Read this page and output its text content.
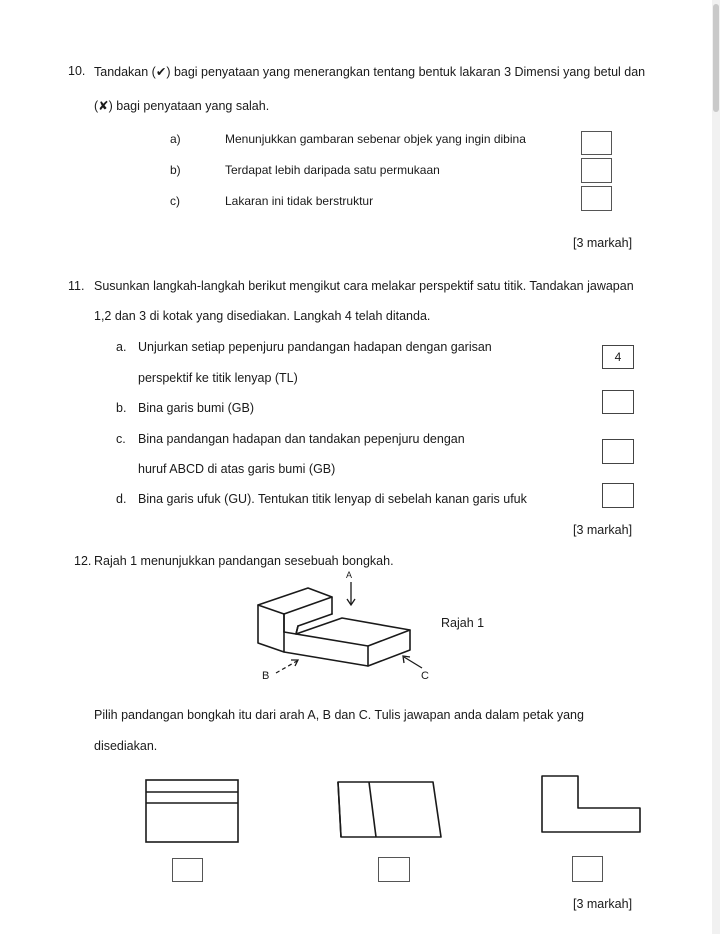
10. Tandakan (✔) bagi penyataan yang menerangkan tentang bentuk lakaran 3 Dimensi yang betul dan
(✘) bagi penyataan yang salah.
a)	Menunjukkan gambaran sebenar objek yang ingin dibina
b)	Terdapat lebih daripada satu permukaan
c)	Lakaran ini tidak berstruktur
[3 markah]
11. Susunkan langkah-langkah berikut mengikut cara melakar perspektif satu titik. Tandakan jawapan
1,2 dan 3 di kotak yang disediakan. Langkah 4 telah ditanda.
a. Unjurkan setiap pepenjuru pandangan hadapan dengan garisan
perspektif ke titik lenyap (TL)
4
b. Bina garis bumi (GB)
c. Bina pandangan hadapan dan tandakan pepenjuru dengan
huruf ABCD di atas garis bumi (GB)
d. Bina garis ufuk (GU). Tentukan titik lenyap di sebelah kanan garis ufuk
[3 markah]
12. Rajah 1 menunjukkan pandangan sesebuah bongkah.
A
B	C
Rajah 1
Pilih pandangan bongkah itu dari arah A, B dan C. Tulis jawapan anda dalam petak yang
disediakan.
[3 markah]
